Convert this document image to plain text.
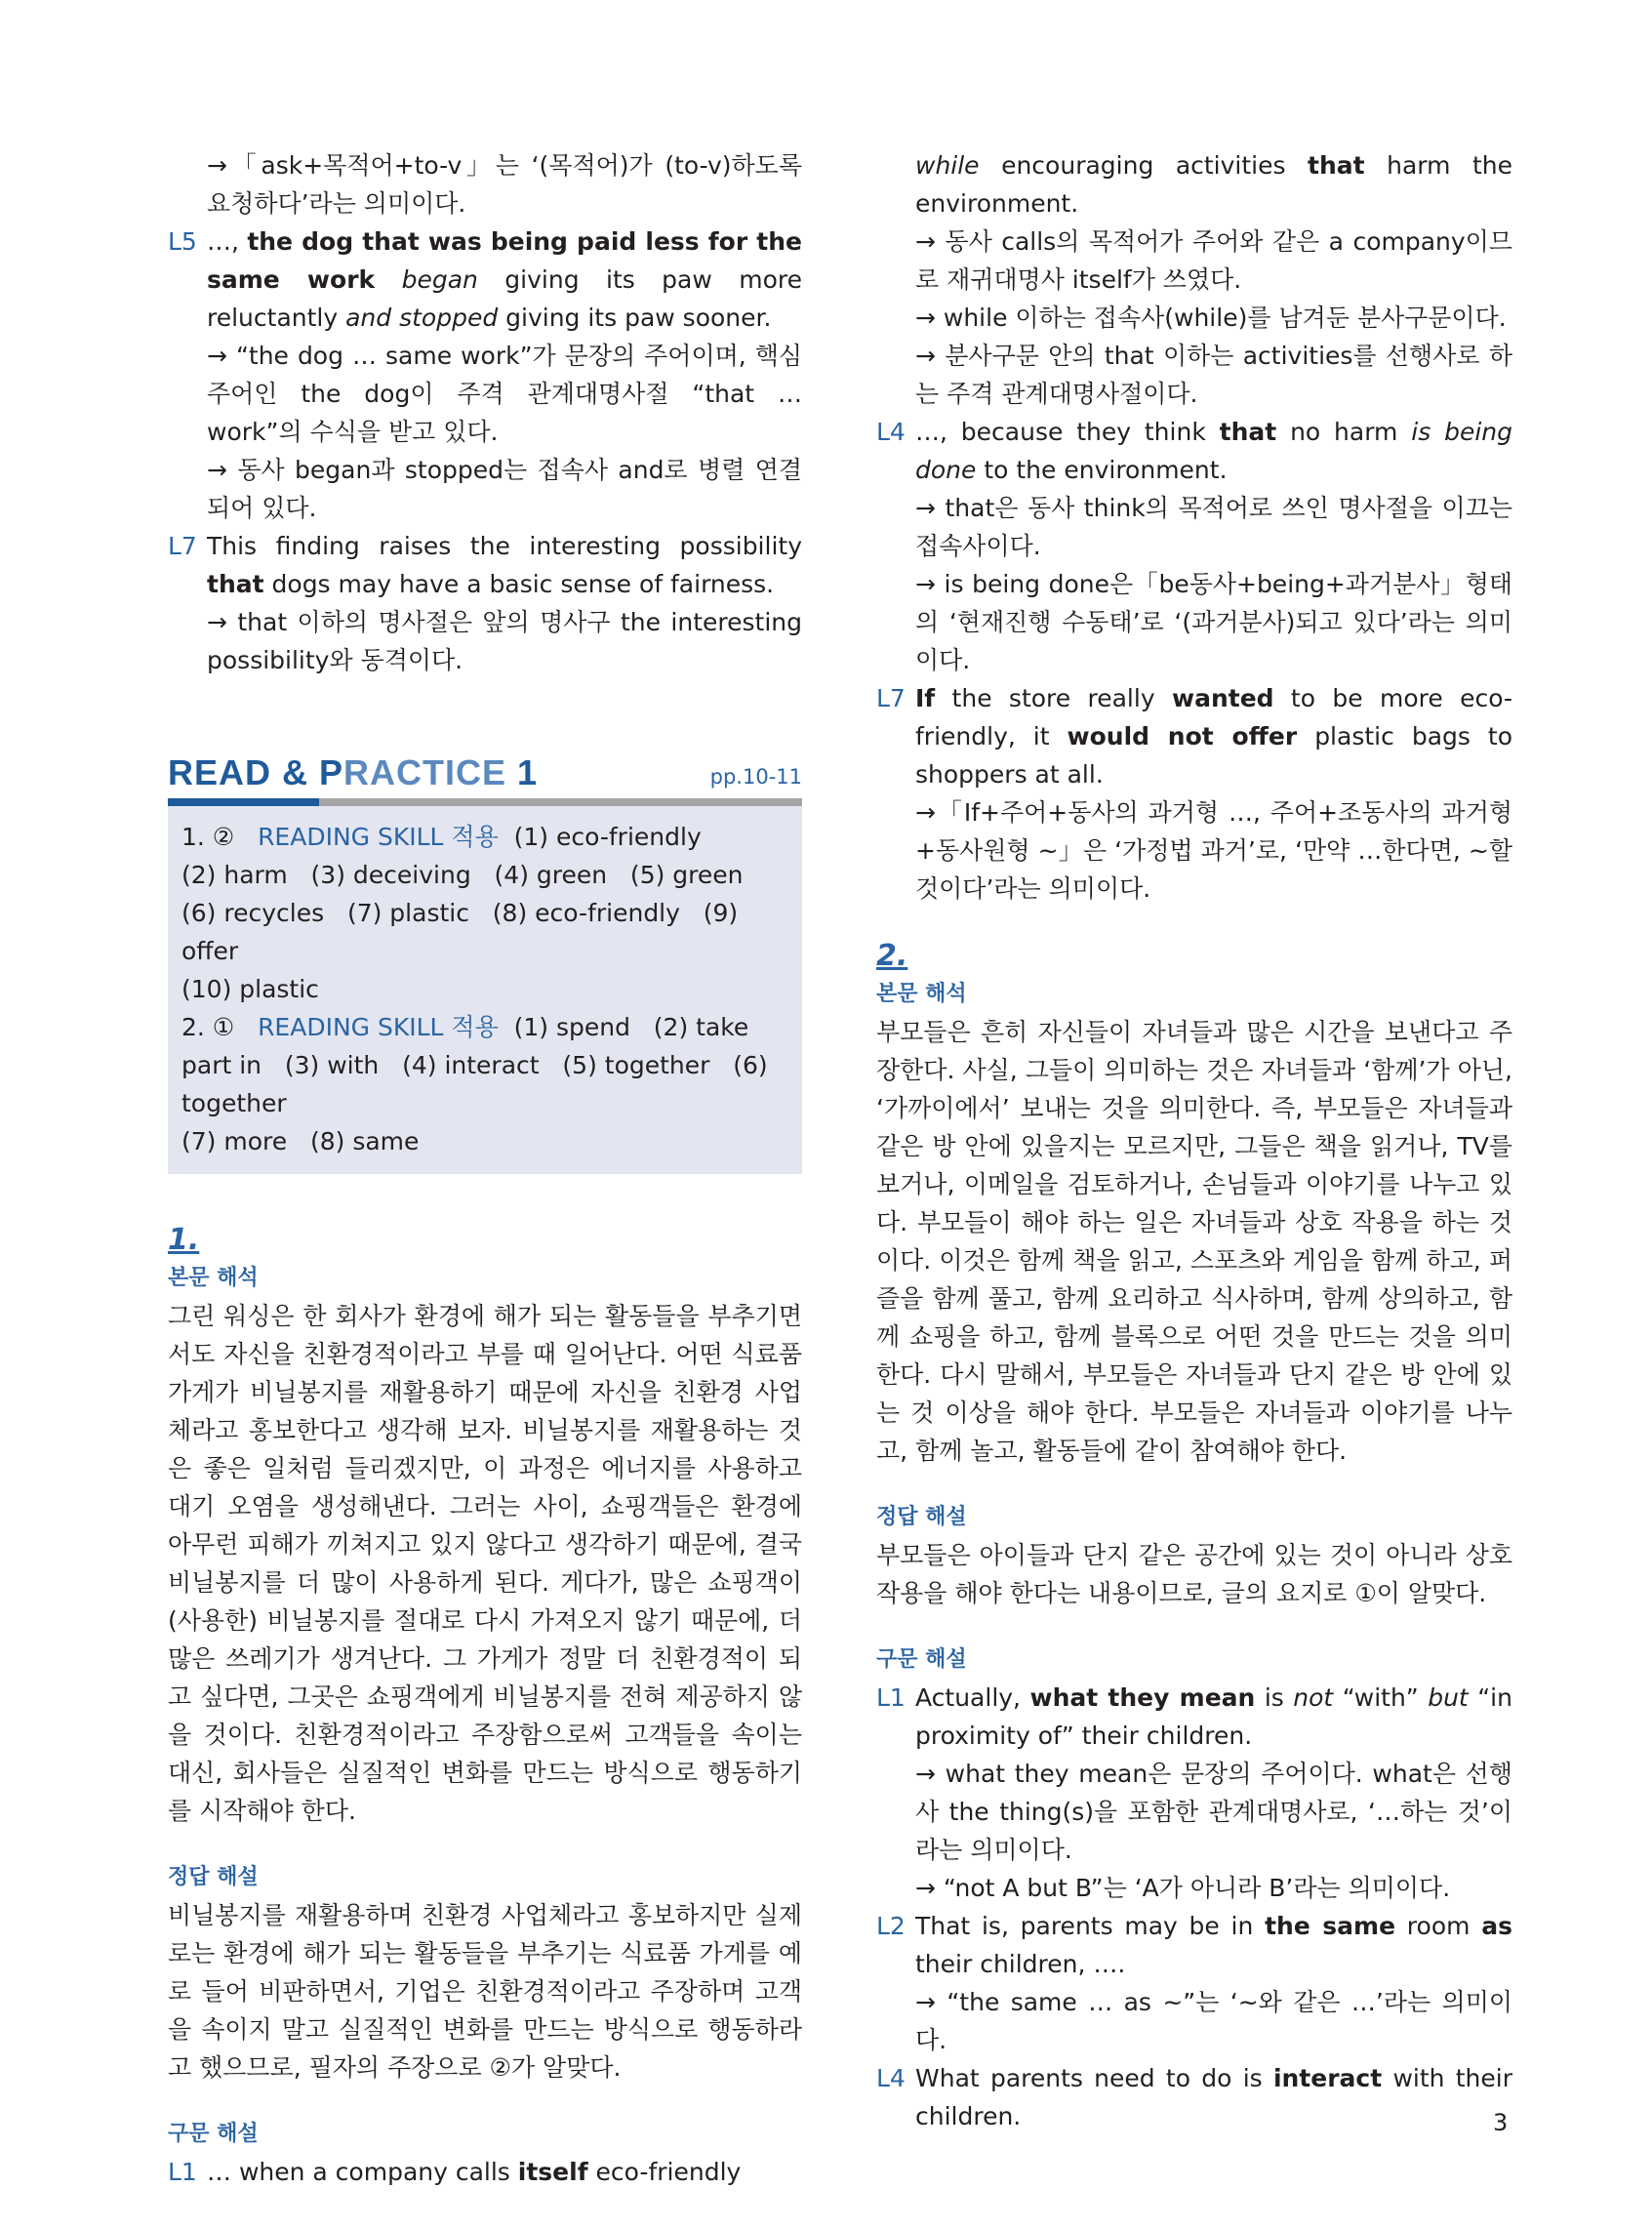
→「ask+목적어+to-v」는 ‘(목적어)가 (to-v)하도록 요청하다’라는 의미이다.
L5 …, the dog that was being paid less for the same work began giving its paw more reluctantly and stopped giving its paw sooner.
→ “the dog … same work”가 문장의 주어이며, 핵심 주어인 the dog이 주격 관계대명사절 “that … work”의 수식을 받고 있다.
→ 동사 began과 stopped는 접속사 and로 병렬 연결되어 있다.
L7 This finding raises the interesting possibility that dogs may have a basic sense of fairness.
→ that 이하의 명사절은 앞의 명사구 the interesting possibility와 동격이다.
READ & PRACTICE 1	pp.10-11
1. ②   READING SKILL 적용  (1) eco-friendly
(2) harm   (3) deceiving   (4) green   (5) green
(6) recycles   (7) plastic   (8) eco-friendly   (9) offer
(10) plastic
2. ①   READING SKILL 적용  (1) spend   (2) take part in   (3) with   (4) interact   (5) together   (6) together
(7) more   (8) same
1.
본문 해석
그린 워싱은 한 회사가 환경에 해가 되는 활동들을 부추기면서도 자신을 친환경적이라고 부를 때 일어난다. 어떤 식료품 가게가 비닐봉지를 재활용하기 때문에 자신을 친환경 사업체라고 홍보한다고 생각해 보자. 비닐봉지를 재활용하는 것은 좋은 일처럼 들리겠지만, 이 과정은 에너지를 사용하고 대기 오염을 생성해낸다. 그러는 사이, 쇼핑객들은 환경에 아무런 피해가 끼쳐지고 있지 않다고 생각하기 때문에, 결국 비닐봉지를 더 많이 사용하게 된다. 게다가, 많은 쇼핑객이 (사용한) 비닐봉지를 절대로 다시 가져오지 않기 때문에, 더 많은 쓰레기가 생겨난다. 그 가게가 정말 더 친환경적이 되고 싶다면, 그곳은 쇼핑객에게 비닐봉지를 전혀 제공하지 않을 것이다. 친환경적이라고 주장함으로써 고객들을 속이는 대신, 회사들은 실질적인 변화를 만드는 방식으로 행동하기를 시작해야 한다.
정답 해설
비닐봉지를 재활용하며 친환경 사업체라고 홍보하지만 실제로는 환경에 해가 되는 활동들을 부추기는 식료품 가게를 예로 들어 비판하면서, 기업은 친환경적이라고 주장하며 고객을 속이지 말고 실질적인 변화를 만드는 방식으로 행동하라고 했으므로, 필자의 주장으로 ②가 알맞다.
구문 해설
L1 … when a company calls itself eco-friendly
while encouraging activities that harm the environment.
→ 동사 calls의 목적어가 주어와 같은 a company이므로 재귀대명사 itself가 쓰였다.
→ while 이하는 접속사(while)를 남겨둔 분사구문이다.
→ 분사구문 안의 that 이하는 activities를 선행사로 하는 주격 관계대명사절이다.
L4 …, because they think that no harm is being done to the environment.
→ that은 동사 think의 목적어로 쓰인 명사절을 이끄는 접속사이다.
→ is being done은「be동사+being+과거분사」형태의 ‘현재진행 수동태’로 ‘(과거분사)되고 있다’라는 의미이다.
L7 If the store really wanted to be more eco-friendly, it would not offer plastic bags to shoppers at all.
→「If+주어+동사의 과거형 …, 주어+조동사의 과거형+동사원형 ~」은 ‘가정법 과거’로, ‘만약 …한다면, ~할 것이다’라는 의미이다.
2.
본문 해석
부모들은 흔히 자신들이 자녀들과 많은 시간을 보낸다고 주장한다. 사실, 그들이 의미하는 것은 자녀들과 ‘함께’가 아닌, ‘가까이에서’ 보내는 것을 의미한다. 즉, 부모들은 자녀들과 같은 방 안에 있을지는 모르지만, 그들은 책을 읽거나, TV를 보거나, 이메일을 검토하거나, 손님들과 이야기를 나누고 있다. 부모들이 해야 하는 일은 자녀들과 상호 작용을 하는 것이다. 이것은 함께 책을 읽고, 스포츠와 게임을 함께 하고, 퍼즐을 함께 풀고, 함께 요리하고 식사하며, 함께 상의하고, 함께 쇼핑을 하고, 함께 블록으로 어떤 것을 만드는 것을 의미한다. 다시 말해서, 부모들은 자녀들과 단지 같은 방 안에 있는 것 이상을 해야 한다. 부모들은 자녀들과 이야기를 나누고, 함께 놀고, 활동들에 같이 참여해야 한다.
정답 해설
부모들은 아이들과 단지 같은 공간에 있는 것이 아니라 상호 작용을 해야 한다는 내용이므로, 글의 요지로 ①이 알맞다.
구문 해설
L1 Actually, what they mean is not “with” but “in proximity of” their children.
→ what they mean은 문장의 주어이다. what은 선행사 the thing(s)을 포함한 관계대명사로, ‘…하는 것’이라는 의미이다.
→ “not A but B”는 ‘A가 아니라 B’라는 의미이다.
L2 That is, parents may be in the same room as their children, ….
→ “the same … as ~”는 ‘~와 같은 …’라는 의미이다.
L4 What parents need to do is interact with their children.	3
